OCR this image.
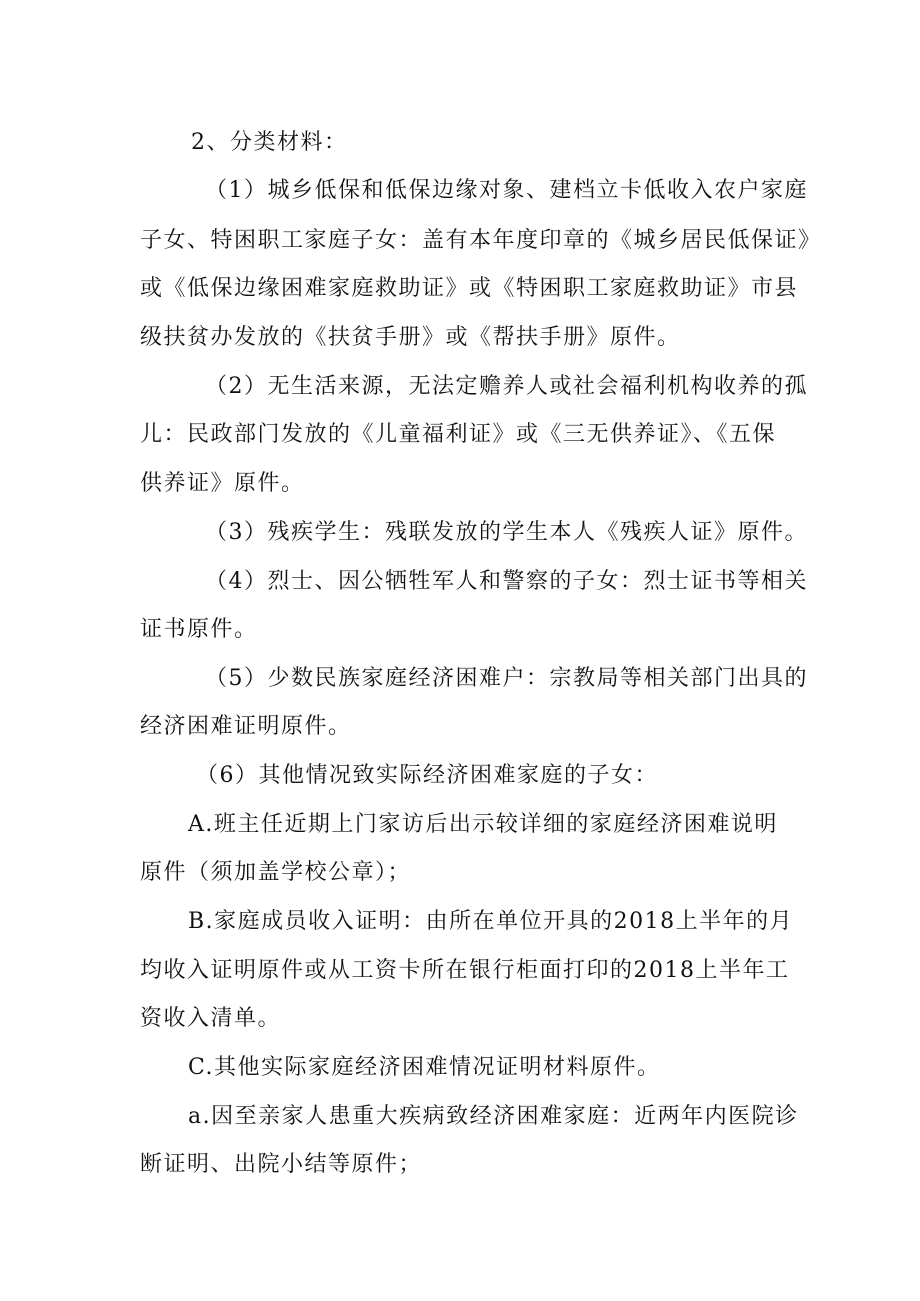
2、分类材料：
（1）城乡低保和低保边缘对象、建档立卡低收入农户家庭
子女、特困职工家庭子女：盖有本年度印章的《城乡居民低保证》
或《低保边缘困难家庭救助证》或《特困职工家庭救助证》市县
级扶贫办发放的《扶贫手册》或《帮扶手册》原件。
（2）无生活来源，无法定赡养人或社会福利机构收养的孤
儿：民政部门发放的《儿童福利证》或《三无供养证》、《五保
供养证》原件。
（3）残疾学生：残联发放的学生本人《残疾人证》原件。
（4）烈士、因公牺牲军人和警察的子女：烈士证书等相关
证书原件。
（5）少数民族家庭经济困难户：宗教局等相关部门出具的
经济困难证明原件。
（6）其他情况致实际经济困难家庭的子女：
A.班主任近期上门家访后出示较详细的家庭经济困难说明
原件（须加盖学校公章）；
B.家庭成员收入证明：由所在单位开具的2018上半年的月
均收入证明原件或从工资卡所在银行柜面打印的2018上半年工
资收入清单。
C.其他实际家庭经济困难情况证明材料原件。
a.因至亲家人患重大疾病致经济困难家庭：近两年内医院诊
断证明、出院小结等原件；
